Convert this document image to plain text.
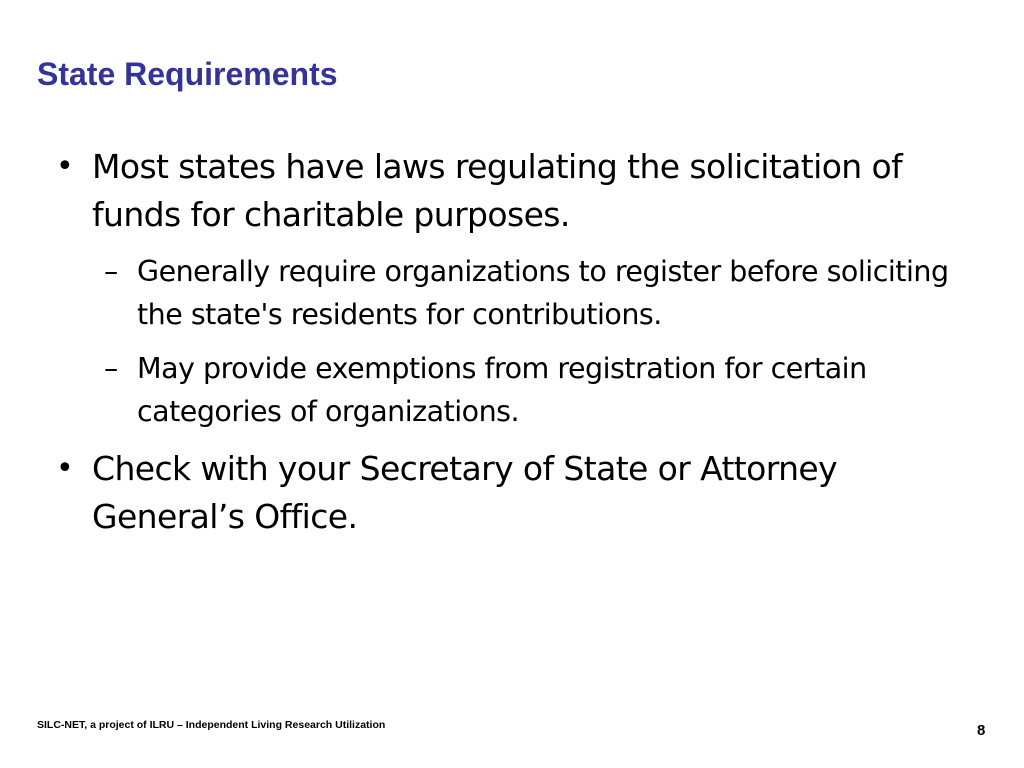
State Requirements
• Most states have laws regulating the solicitation of funds for charitable purposes.
– Generally require organizations to register before soliciting the state's residents for contributions.
– May provide exemptions from registration for certain categories of organizations.
• Check with your Secretary of State or Attorney General’s Office.
SILC-NET, a project of ILRU – Independent Living Research Utilization	8
